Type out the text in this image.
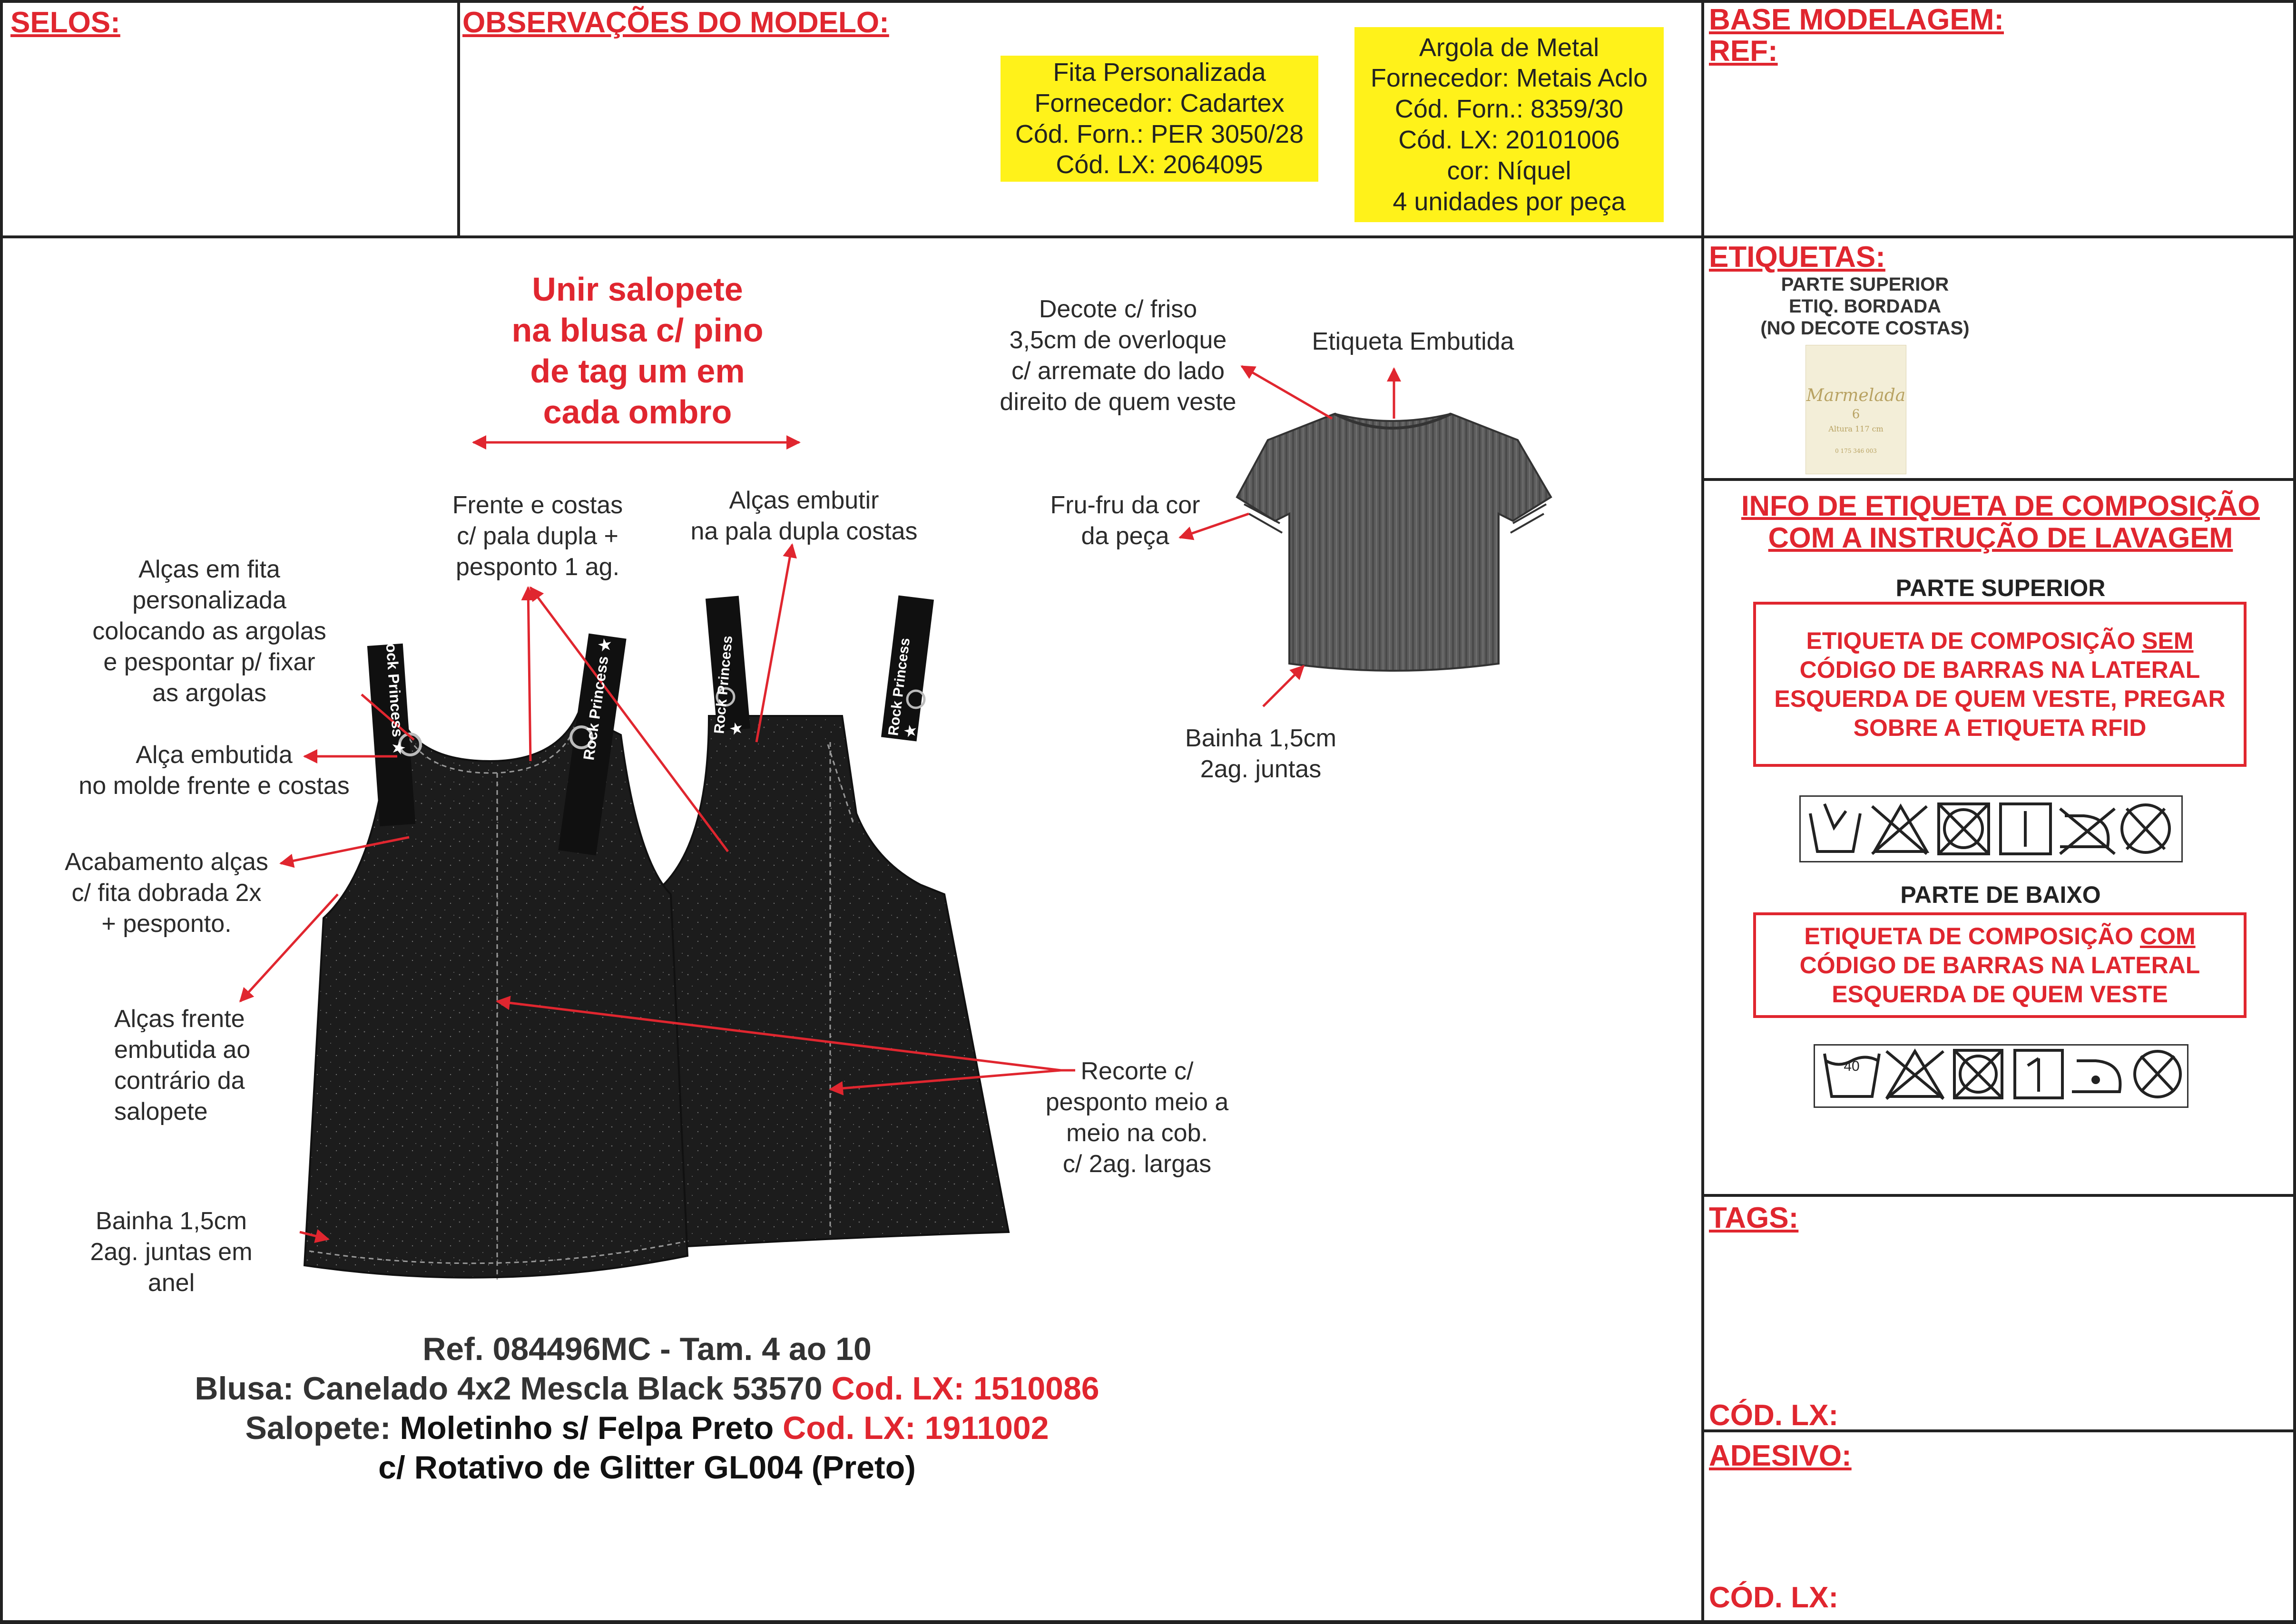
SELOS:	OBSERVAÇÕES DO MODELO:	BASE MODELAGEM:
REF:
ETIQUETAS:
TAGS:
CÓD. LX:
ADESIVO:
CÓD. LX:
Fita Personalizada
Fornecedor: Cadartex
Cód. Forn.: PER 3050/28
Cód. LX: 2064095
Argola de Metal
Fornecedor: Metais Aclo
Cód. Forn.: 8359/30
Cód. LX: 20101006
cor: Níquel
4 unidades por peça
PARTE SUPERIOR
ETIQ. BORDADA
(NO DECOTE COSTAS)
Marmelada
6
Altura 117 cm
0 175 346 003
INFO DE ETIQUETA DE COMPOSIÇÃO
COM A INSTRUÇÃO DE LAVAGEM
PARTE SUPERIOR
ETIQUETA DE COMPOSIÇÃO SEM CÓDIGO DE BARRAS NA LATERAL ESQUERDA DE QUEM VESTE, PREGAR SOBRE A ETIQUETA RFID
PARTE DE BAIXO
ETIQUETA DE COMPOSIÇÃO COM CÓDIGO DE BARRAS NA LATERAL ESQUERDA DE QUEM VESTE
40
Rock Princess ★	Rock Princess ★	Rock Princess ★	Rock Princess ★
Unir salopete
na blusa c/ pino
de tag um em
cada ombro
Frente e costas
c/ pala dupla +
pesponto 1 ag.
Alças embutir
na pala dupla costas
Alças em fita
personalizada
colocando as argolas
e pespontar p/ fixar
as argolas
Alça embutida
no molde frente e costas
Acabamento alças
c/ fita dobrada 2x
+ pesponto.
Alças frente
embutida ao
contrário da
salopete
Bainha 1,5cm
2ag. juntas em
anel
Recorte c/
pesponto meio a
meio na cob.
c/ 2ag. largas
Decote c/ friso
3,5cm de overloque
c/ arremate do lado
direito de quem veste
Etiqueta Embutida
Fru-fru da cor
da peça
Bainha 1,5cm
2ag. juntas
Ref. 084496MC - Tam. 4 ao 10
Blusa: Canelado 4x2 Mescla Black 53570 Cod. LX: 1510086
Salopete: Moletinho s/ Felpa Preto Cod. LX: 1911002
c/ Rotativo de Glitter GL004 (Preto)
